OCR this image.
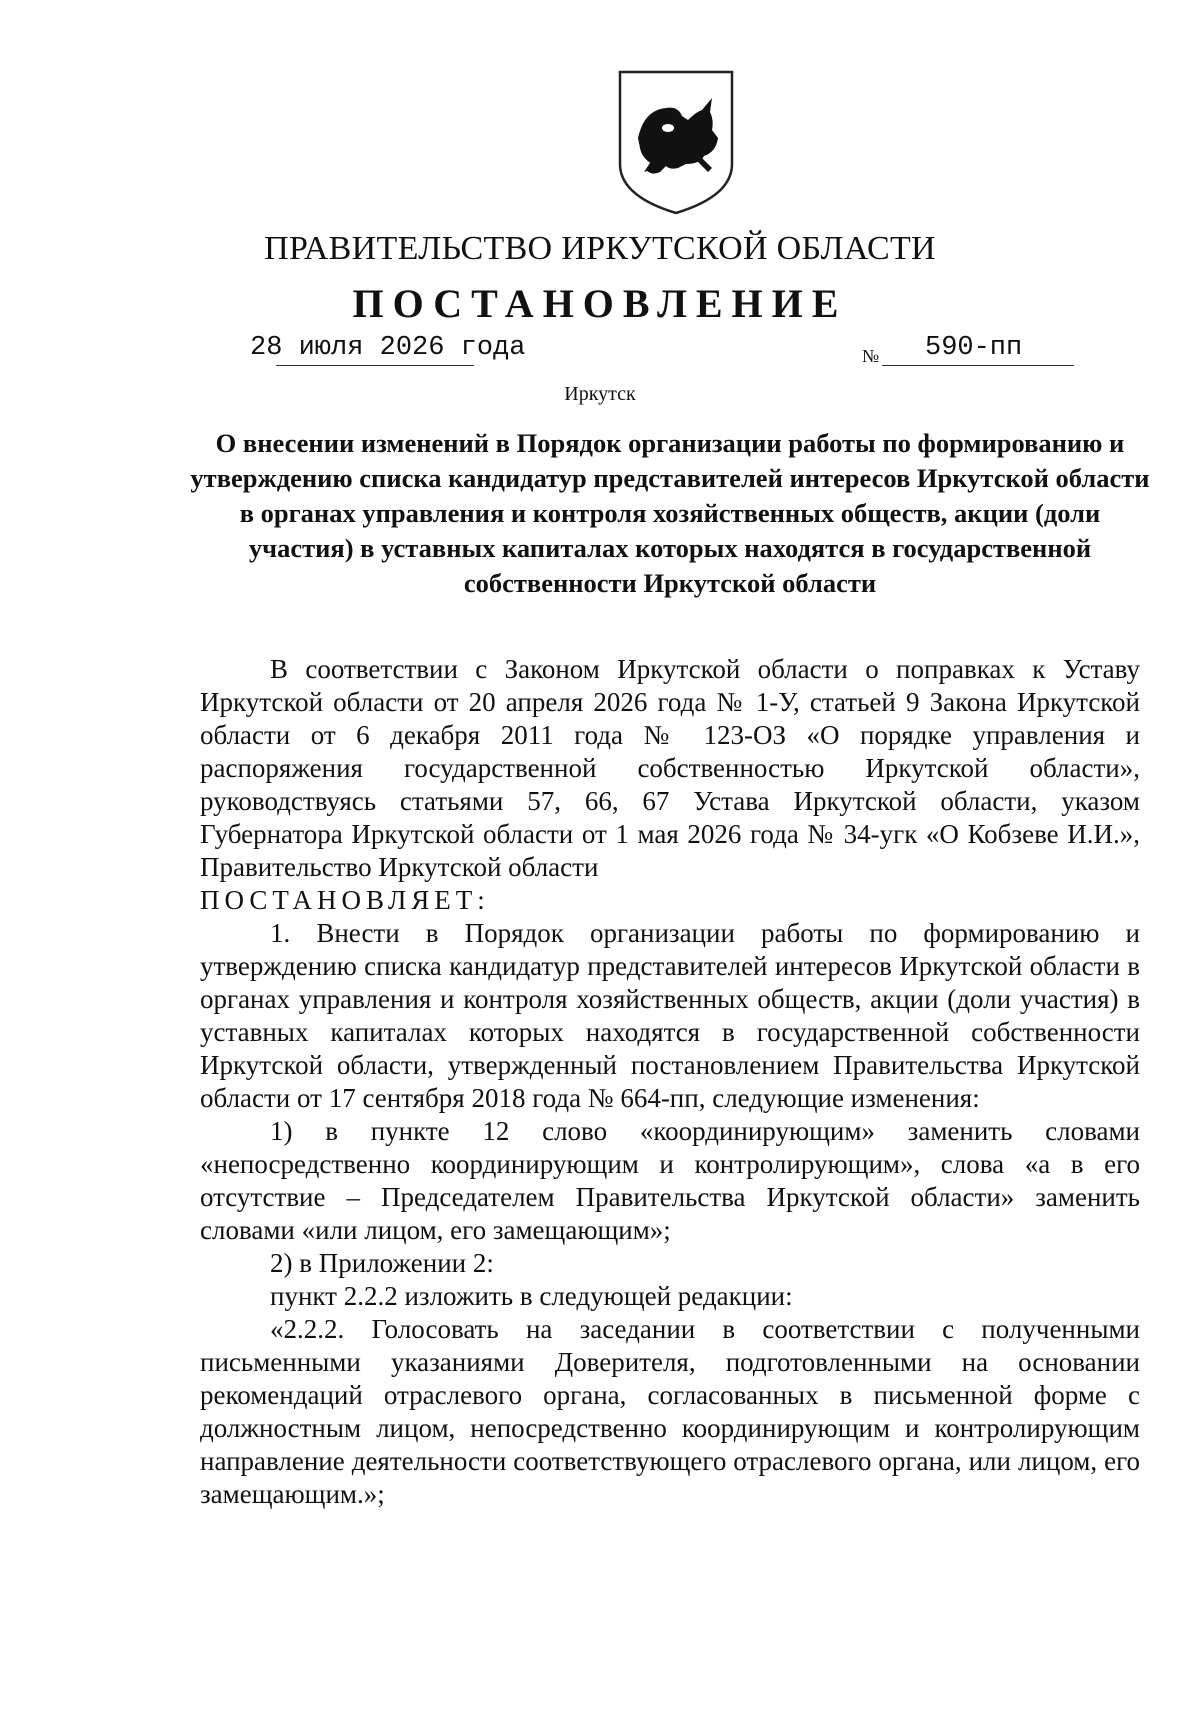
ПРАВИТЕЛЬСТВО ИРКУТСКОЙ ОБЛАСТИ
ПОСТАНОВЛЕНИЕ
28 июля 2026 года	№ 590-пп
Иркутск
О внесении изменений в Порядок организации работы по формированию и утверждению списка кандидатур представителей интересов Иркутской области в органах управления и контроля хозяйственных обществ, акции (доли участия) в уставных капиталах которых находятся в государственной собственности Иркутской области

В соответствии с Законом Иркутской области о поправках к Уставу Иркутской области от 20 апреля 2026 года № 1-У, статьей 9 Закона Иркутской области от 6 декабря 2011 года № 123-ОЗ «О порядке управления и распоряжения государственной собственностью Иркутской области», руководствуясь статьями 57, 66, 67 Устава Иркутской области, указом Губернатора Иркутской области от 1 мая 2026 года № 34-угк «О Кобзеве И.И.», Правительство Иркутской области

ПОСТАНОВЛЯЕТ:

1. Внести в Порядок организации работы по формированию и утверждению списка кандидатур представителей интересов Иркутской области в органах управления и контроля хозяйственных обществ, акции (доли участия) в уставных капиталах которых находятся в государственной собственности Иркутской области, утвержденный постановлением Правительства Иркутской области от 17 сентября 2018 года № 664-пп, следующие изменения:

1) в пункте 12 слово «координирующим» заменить словами «непосредственно координирующим и контролирующим», слова «а в его отсутствие – Председателем Правительства Иркутской области» заменить словами «или лицом, его замещающим»;

2) в Приложении 2:

пункт 2.2.2 изложить в следующей редакции:

«2.2.2. Голосовать на заседании в соответствии с полученными письменными указаниями Доверителя, подготовленными на основании рекомендаций отраслевого органа, согласованных в письменной форме с должностным лицом, непосредственно координирующим и контролирующим направление деятельности соответствующего отраслевого органа, или лицом, его замещающим.»;
